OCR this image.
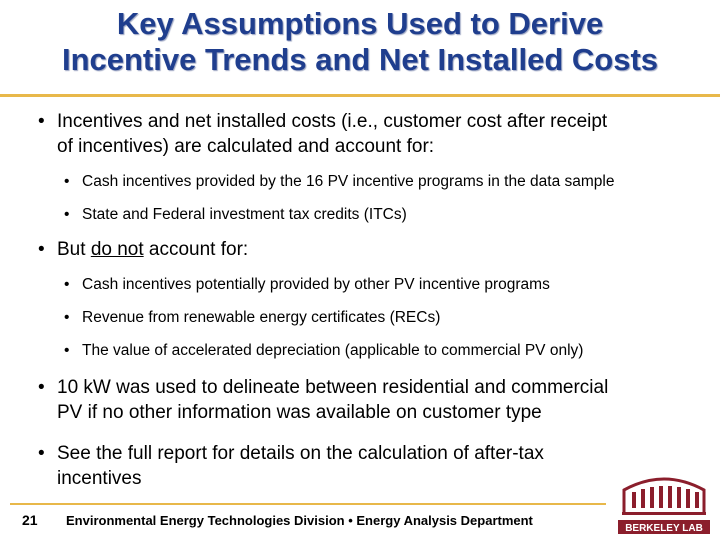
Key Assumptions Used to Derive
Incentive Trends and Net Installed Costs
• Incentives and net installed costs (i.e., customer cost after receipt
of incentives) are calculated and account for:
• Cash incentives provided by the 16 PV incentive programs in the data sample
• State and Federal investment tax credits (ITCs)
• But do not account for:
• Cash incentives potentially provided by other PV incentive programs
• Revenue from renewable energy certificates (RECs)
• The value of accelerated depreciation (applicable to commercial PV only)
• 10 kW was used to delineate between residential and commercial
PV if no other information was available on customer type
• See the full report for details on the calculation of after-tax
incentives
21 Environmental Energy Technologies Division • Energy Analysis Department
BERKELEY LAB
